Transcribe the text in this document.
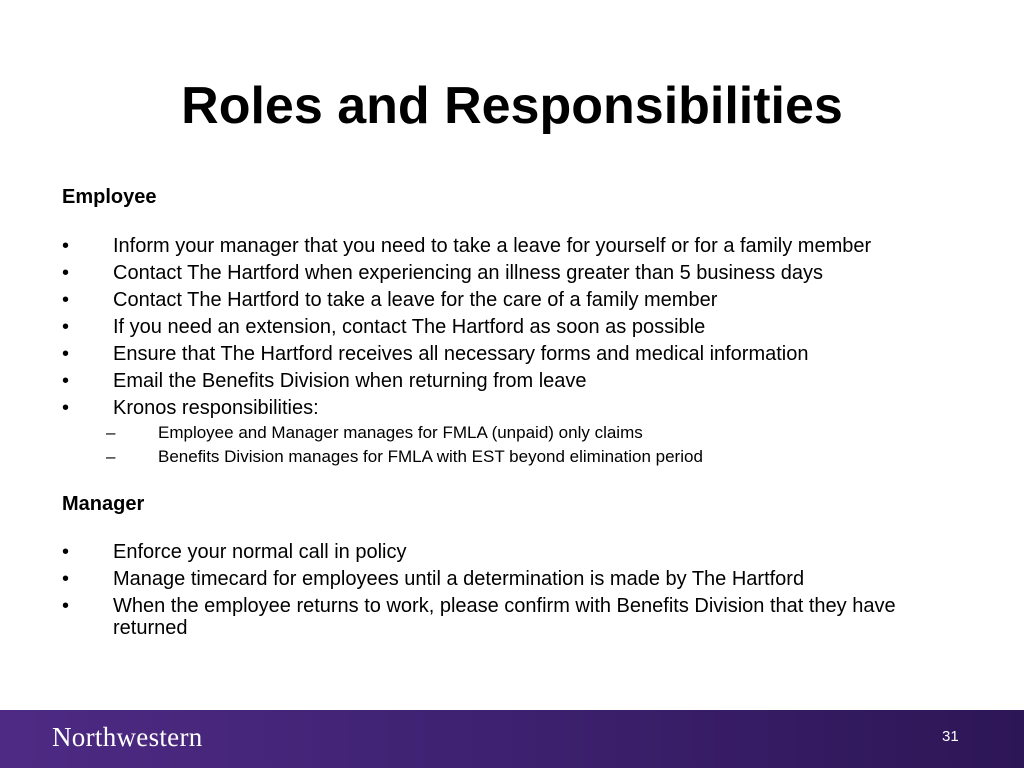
Roles and Responsibilities
Employee
• Inform your manager that you need to take a leave for yourself or for a family member
• Contact The Hartford when experiencing an illness greater than 5 business days
• Contact The Hartford to take a leave for the care of a family member
• If you need an extension, contact The Hartford as soon as possible
• Ensure that The Hartford receives all necessary forms and medical information
• Email the Benefits Division when returning from leave
• Kronos responsibilities:
–	Employee and Manager manages for FMLA (unpaid) only claims
–	Benefits Division manages for FMLA with EST beyond elimination period
Manager
• Enforce your normal call in policy
• Manage timecard for employees until a determination is made by The Hartford
• When the employee returns to work, please confirm with Benefits Division that they have returned
Northwestern	31
